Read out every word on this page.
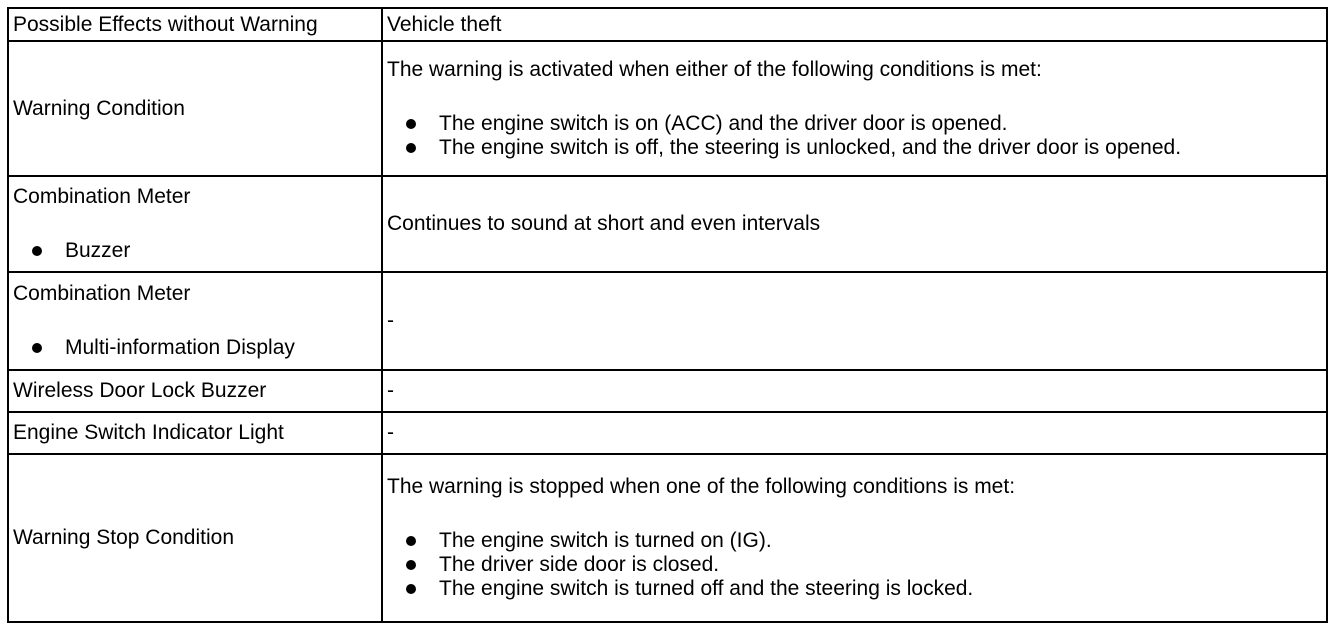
Possible Effects without Warning	Vehicle theft
Warning Condition	The warning is activated when either of the following conditions is met:
The engine switch is on (ACC) and the driver door is opened.
The engine switch is off, the steering is unlocked, and the driver door is opened.

Combination Meter
Buzzer	Continues to sound at short and even intervals

Combination Meter
Multi-information Display	-
Wireless Door Lock Buzzer	-
Engine Switch Indicator Light	-
Warning Stop Condition	The warning is stopped when one of the following conditions is met:
The engine switch is turned on (IG).
The driver side door is closed.
The engine switch is turned off and the steering is locked.
